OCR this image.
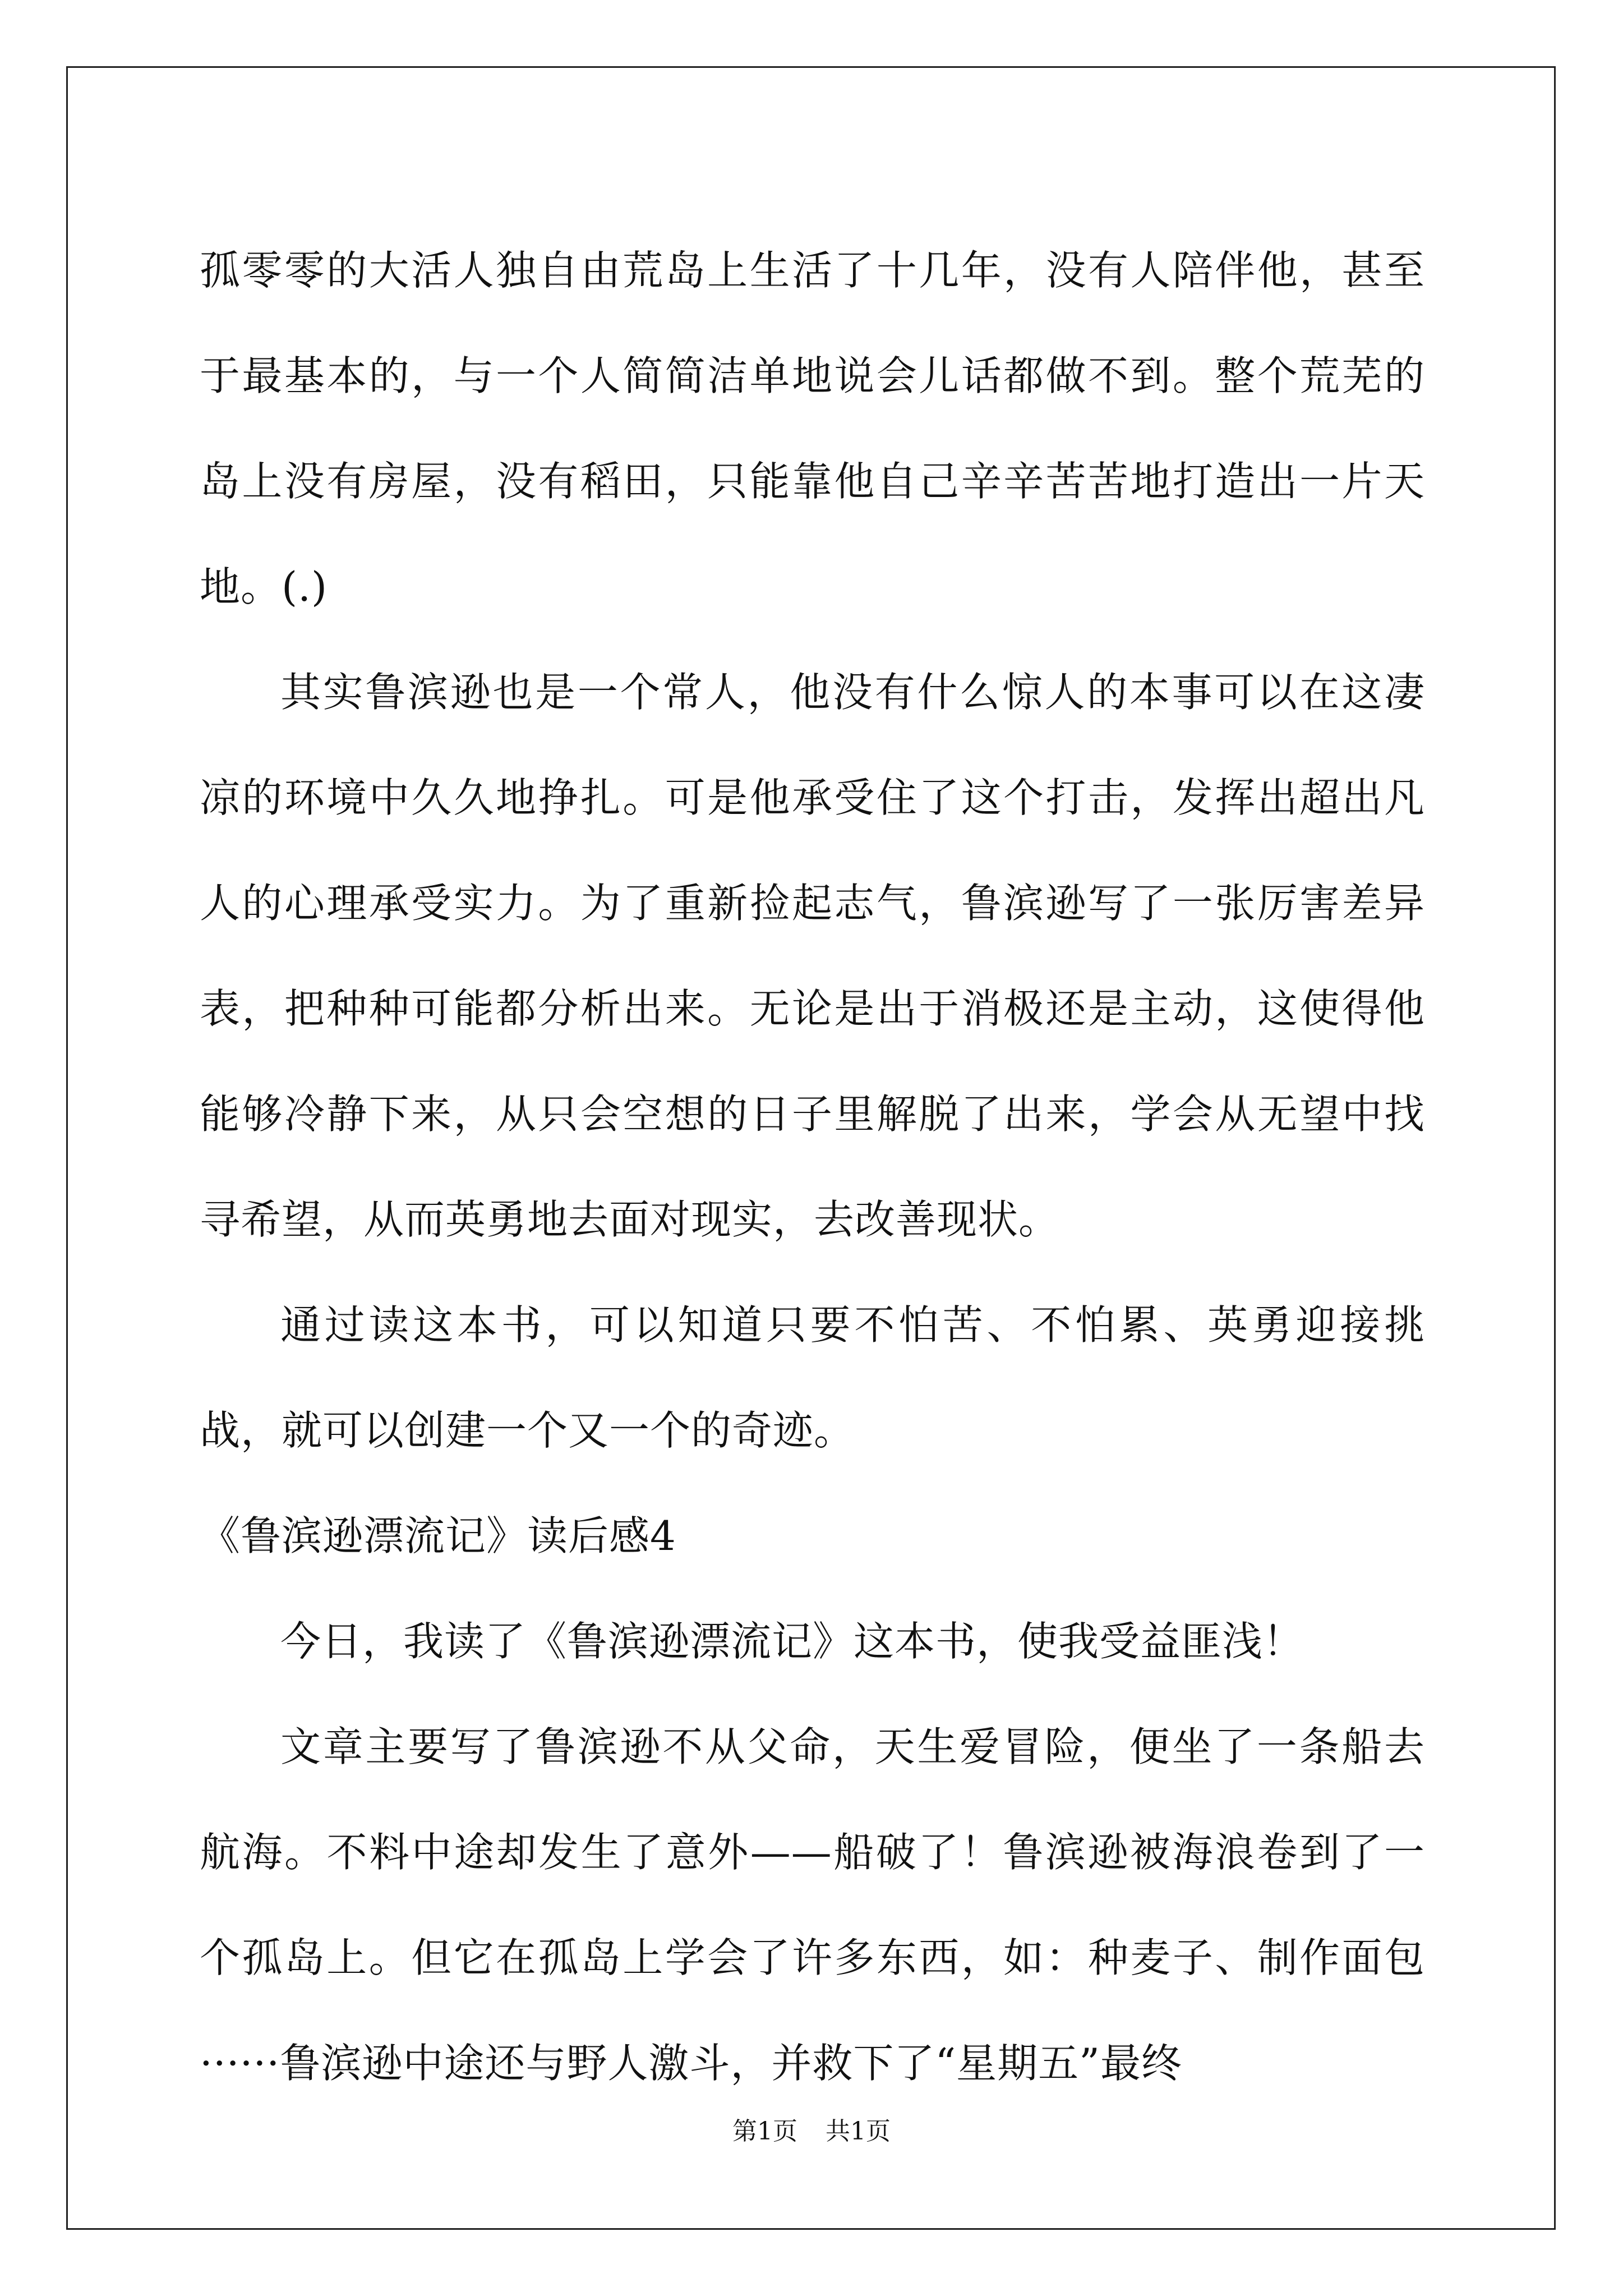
孤零零的大活人独自由荒岛上生活了十几年，没有人陪伴他，甚至于最基本的，与一个人简简洁单地说会儿话都做不到。整个荒芜的岛上没有房屋，没有稻田，只能靠他自己辛辛苦苦地打造出一片天地。(.)

其实鲁滨逊也是一个常人，他没有什么惊人的本事可以在这凄凉的环境中久久地挣扎。可是他承受住了这个打击，发挥出超出凡人的心理承受实力。为了重新捡起志气，鲁滨逊写了一张厉害差异表，把种种可能都分析出来。无论是出于消极还是主动，这使得他能够冷静下来，从只会空想的日子里解脱了出来，学会从无望中找寻希望，从而英勇地去面对现实，去改善现状。

通过读这本书，可以知道只要不怕苦、不怕累、英勇迎接挑战，就可以创建一个又一个的奇迹。

《鲁滨逊漂流记》读后感4

今日，我读了《鲁滨逊漂流记》这本书，使我受益匪浅！

文章主要写了鲁滨逊不从父命，天生爱冒险，便坐了一条船去航海。不料中途却发生了意外——船破了！鲁滨逊被海浪卷到了一个孤岛上。但它在孤岛上学会了许多东西，如：种麦子、制作面包······鲁滨逊中途还与野人激斗，并救下了“星期五”最终

第1页 共1页
